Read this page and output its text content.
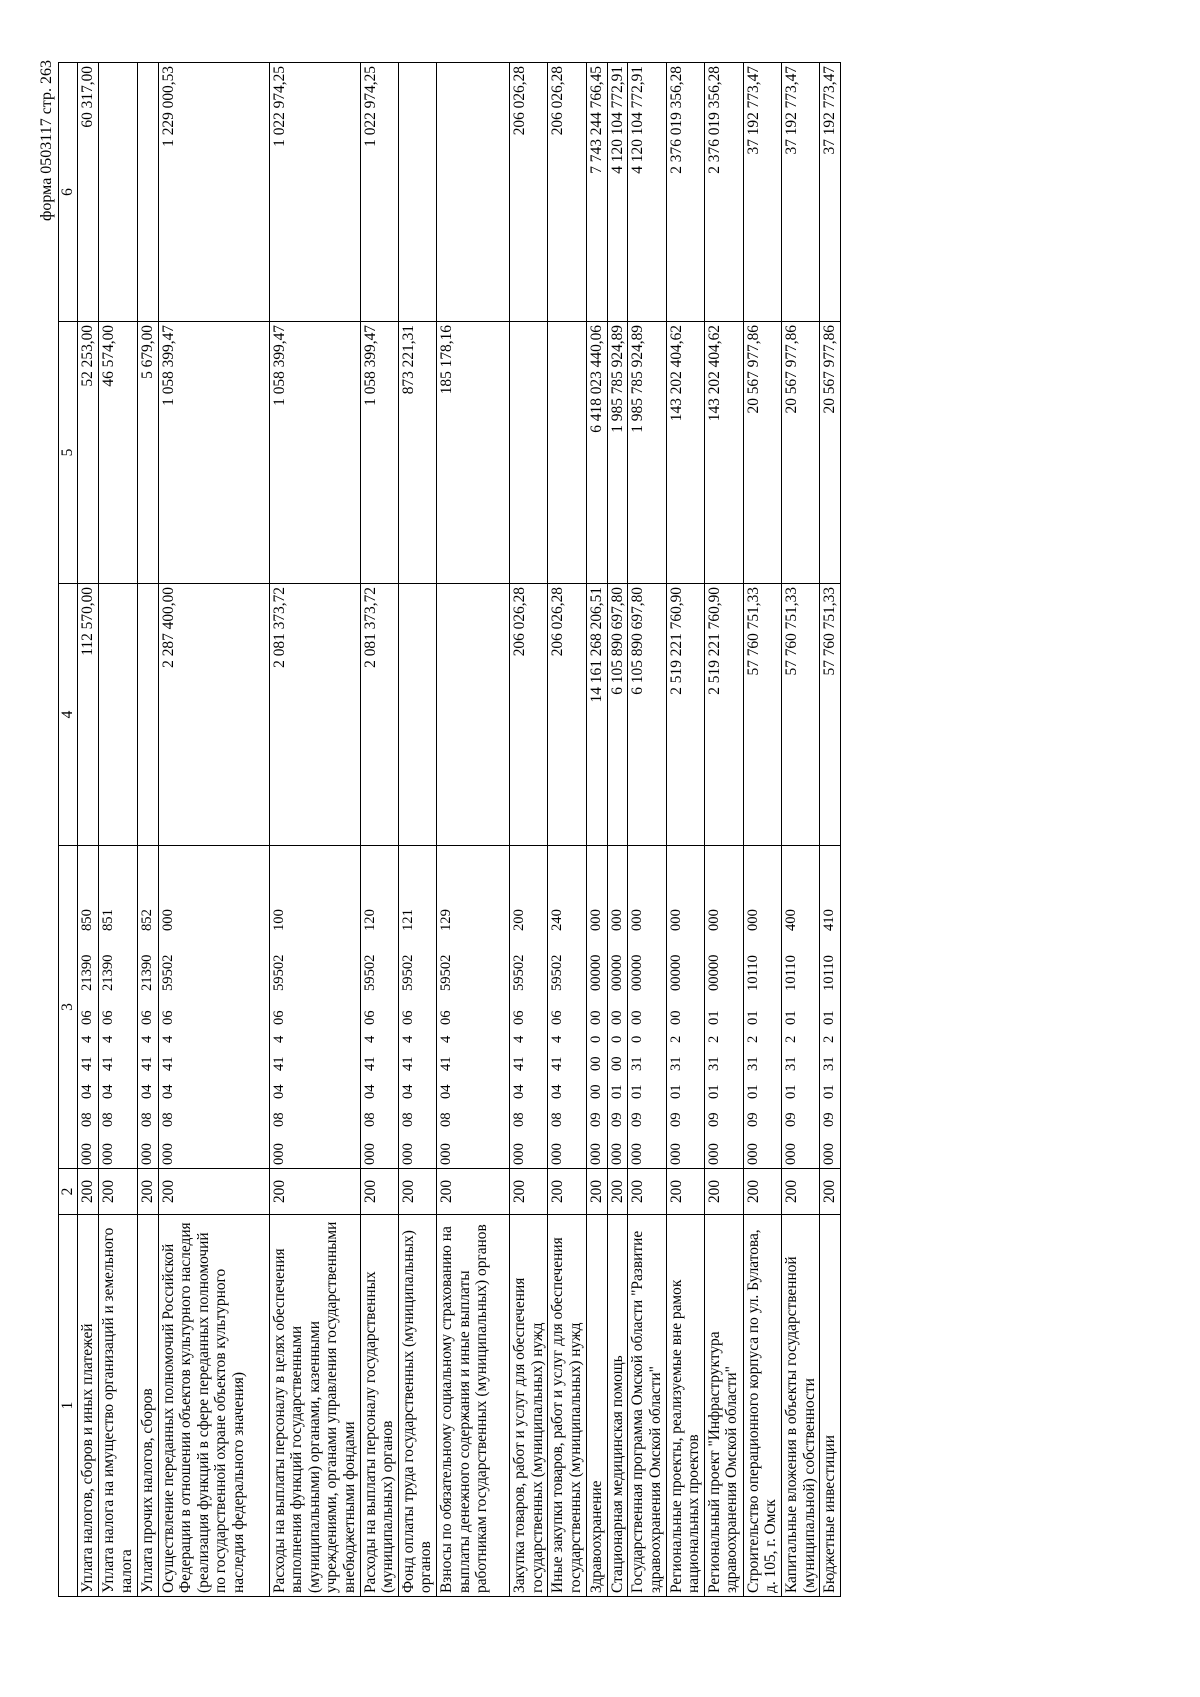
форма 0503117 стр. 263
1	2	3	4	5	6
Уплата налогов, сборов и иных платежей	200	00008044140621390850	112 570,00	52 253,00	60 317,00
Уплата налога на имущество организаций и земельного налога	200	00008044140621390851		46 574,00	
Уплата прочих налогов, сборов	200	00008044140621390852		5 679,00	
Осуществление переданных полномочий Российской Федерации в отношении объектов культурного наследия (реализация функций в сфере переданных полномочий по государственной охране объектов культурного наследия федерального значения)	200	00008044140659502000	2 287 400,00	1 058 399,47	1 229 000,53
Расходы на выплаты персоналу в целях обеспечения выполнения функций государственными (муниципальными) органами, казенными учреждениями, органами управления государственными внебюджетными фондами	200	00008044140659502100	2 081 373,72	1 058 399,47	1 022 974,25
Расходы на выплаты персоналу государственных (муниципальных) органов	200	00008044140659502120	2 081 373,72	1 058 399,47	1 022 974,25
Фонд оплаты труда государственных (муниципальных) органов	200	00008044140659502121		873 221,31	
Взносы по обязательному социальному страхованию на выплаты денежного содержания и иные выплаты работникам государственных (муниципальных) органов	200	00008044140659502129		185 178,16	
Закупка товаров, работ и услуг для обеспечения государственных (муниципальных) нужд	200	00008044140659502200	206 026,28		206 026,28
Иные закупки товаров, работ и услуг для обеспечения государственных (муниципальных) нужд	200	00008044140659502240	206 026,28		206 026,28
Здравоохранение	200	00009000000000000000	14 161 268 206,51	6 418 023 440,06	7 743 244 766,45
Стационарная медицинская помощь	200	00009010000000000000	6 105 890 697,80	1 985 785 924,89	4 120 104 772,91
Государственная программа Омской области "Развитие здравоохранения Омской области"	200	00009013100000000000	6 105 890 697,80	1 985 785 924,89	4 120 104 772,91
Региональные проекты, реализуемые вне рамок национальных проектов	200	00009013120000000000	2 519 221 760,90	143 202 404,62	2 376 019 356,28
Региональный проект "Инфраструктура здравоохранения Омской области"	200	00009013120100000000	2 519 221 760,90	143 202 404,62	2 376 019 356,28
Строительство операционного корпуса по ул. Булатова, д. 105, г. Омск	200	00009013120110110000	57 760 751,33	20 567 977,86	37 192 773,47
Капитальные вложения в объекты государственной (муниципальной) собственности	200	00009013120110110400	57 760 751,33	20 567 977,86	37 192 773,47
Бюджетные инвестиции	200	00009013120110110410	57 760 751,33	20 567 977,86	37 192 773,47
